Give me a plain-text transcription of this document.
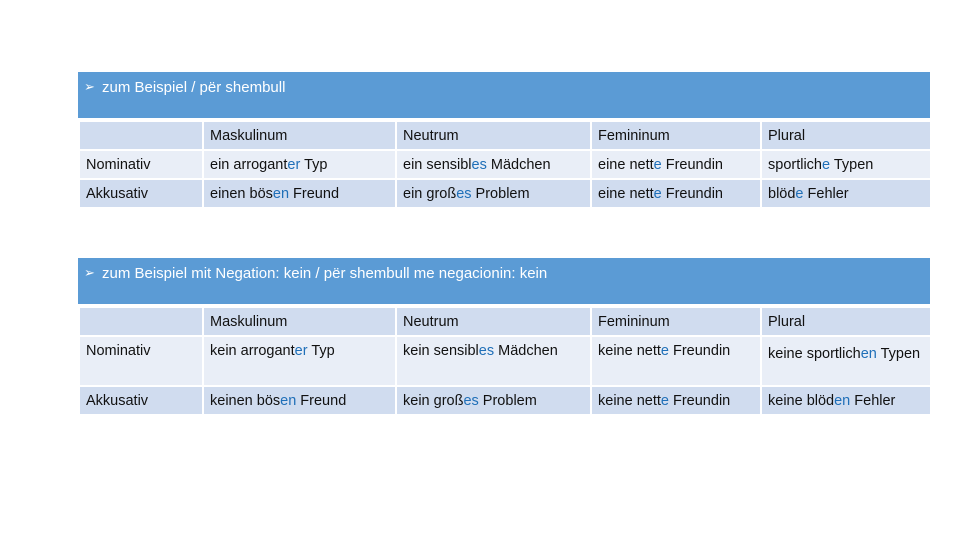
➢ zum Beispiel / për shembull
	Maskulinum	Neutrum	Femininum	Plural
Nominativ	ein arroganter Typ	ein sensibles Mädchen	eine nette Freundin	sportliche Typen
Akkusativ	einen bösen Freund	ein großes Problem	eine nette Freundin	blöde Fehler
➢ zum Beispiel mit Negation: kein / për shembull me negacionin: kein
	Maskulinum	Neutrum	Femininum	Plural
Nominativ	kein arroganter Typ	kein sensibles Mädchen	keine nette Freundin	keine sportlichen Typen
Akkusativ	keinen bösen Freund	kein großes Problem	keine nette Freundin	keine blöden Fehler
